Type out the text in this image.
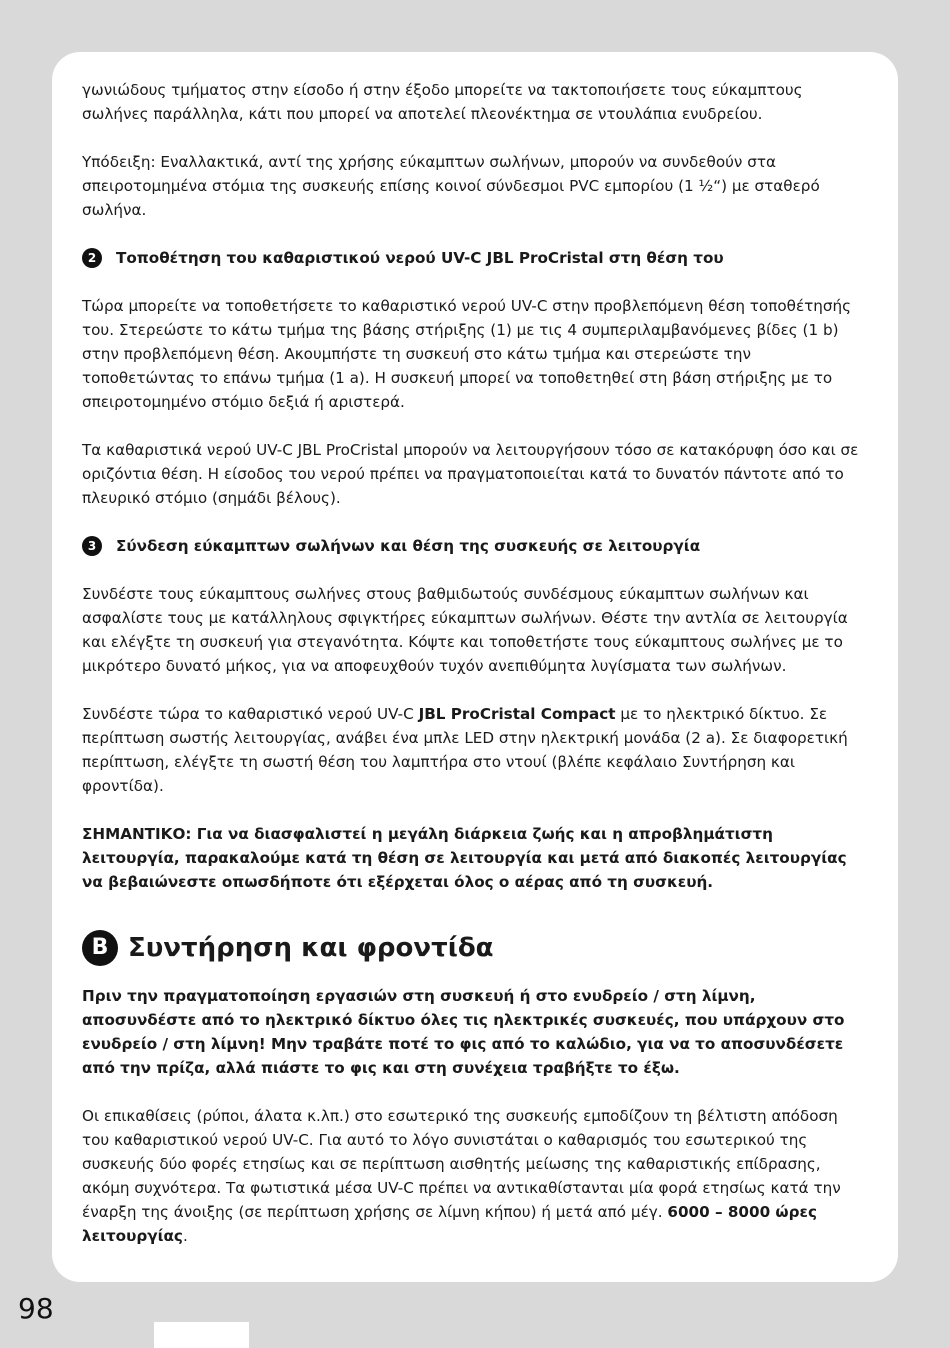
γωνιώδους τμήματος στην είσοδο ή στην έξοδο μπορείτε να τακτοποιήσετε τους εύκαμπτους σωλήνες παράλληλα, κάτι που μπορεί να αποτελεί πλεονέκτημα σε ντουλάπια ενυδρείου.

Υπόδειξη: Εναλλακτικά, αντί της χρήσης εύκαμπτων σωλήνων, μπορούν να συνδεθούν στα σπειροτομημένα στόμια της συσκευής επίσης κοινοί σύνδεσμοι PVC εμπορίου (1 ½“) με σταθερό σωλήνα.

2	Τοποθέτηση του καθαριστικού νερού UV-C JBL ProCristal στη θέση του

Τώρα μπορείτε να τοποθετήσετε το καθαριστικό νερού UV-C στην προβλεπόμενη θέση τοποθέτησής του. Στερεώστε το κάτω τμήμα της βάσης στήριξης (1) με τις 4 συμπεριλαμβανόμενες βίδες (1 b) στην προβλεπόμενη θέση. Ακουμπήστε τη συσκευή στο κάτω τμήμα και στερεώστε την τοποθετώντας το επάνω τμήμα (1 a). Η συσκευή μπορεί να τοποθετηθεί στη βάση στήριξης με το σπειροτομημένο στόμιο δεξιά ή αριστερά.

Τα καθαριστικά νερού UV-C JBL ProCristal μπορούν να λειτουργήσουν τόσο σε κατακόρυφη όσο και σε οριζόντια θέση. Η είσοδος του νερού πρέπει να πραγματοποιείται κατά το δυνατόν πάντοτε από το πλευρικό στόμιο (σημάδι βέλους).

3	Σύνδεση εύκαμπτων σωλήνων και θέση της συσκευής σε λειτουργία

Συνδέστε τους εύκαμπτους σωλήνες στους βαθμιδωτούς συνδέσμους εύκαμπτων σωλήνων και ασφαλίστε τους με κατάλληλους σφιγκτήρες εύκαμπτων σωλήνων. Θέστε την αντλία σε λειτουργία και ελέγξτε τη συσκευή για στεγανότητα. Κόψτε και τοποθετήστε τους εύκαμπτους σωλήνες με το μικρότερο δυνατό μήκος, για να αποφευχθούν τυχόν ανεπιθύμητα λυγίσματα των σωλήνων.

Συνδέστε τώρα το καθαριστικό νερού UV-C JBL ProCristal Compact με το ηλεκτρικό δίκτυο. Σε περίπτωση σωστής λειτουργίας, ανάβει ένα μπλε LED στην ηλεκτρική μονάδα (2 a). Σε διαφορετική περίπτωση, ελέγξτε τη σωστή θέση του λαμπτήρα στο ντουί (βλέπε κεφάλαιο Συντήρηση και φροντίδα).

ΣΗΜΑΝΤΙΚΟ: Για να διασφαλιστεί η μεγάλη διάρκεια ζωής και η απροβλημάτιστη λειτουργία, παρακαλούμε κατά τη θέση σε λειτουργία και μετά από διακοπές λειτουργίας να βεβαιώνεστε οπωσδήποτε ότι εξέρχεται όλος ο αέρας από τη συσκευή.

B Συντήρηση και φροντίδα

Πριν την πραγματοποίηση εργασιών στη συσκευή ή στο ενυδρείο / στη λίμνη, αποσυνδέστε από το ηλεκτρικό δίκτυο όλες τις ηλεκτρικές συσκευές, που υπάρχουν στο ενυδρείο / στη λίμνη! Μην τραβάτε ποτέ το φις από το καλώδιο, για να το αποσυνδέσετε από την πρίζα, αλλά πιάστε το φις και στη συνέχεια τραβήξτε το έξω.

Οι επικαθίσεις (ρύποι, άλατα κ.λπ.) στο εσωτερικό της συσκευής εμποδίζουν τη βέλτιστη απόδοση του καθαριστικού νερού UV-C. Για αυτό το λόγο συνιστάται ο καθαρισμός του εσωτερικού της συσκευής δύο φορές ετησίως και σε περίπτωση αισθητής μείωσης της καθαριστικής επίδρασης, ακόμη συχνότερα. Τα φωτιστικά μέσα UV-C πρέπει να αντικαθίστανται μία φορά ετησίως κατά την έναρξη της άνοιξης (σε περίπτωση χρήσης σε λίμνη κήπου) ή μετά από μέγ. 6000 – 8000 ώρες λειτουργίας.

98
